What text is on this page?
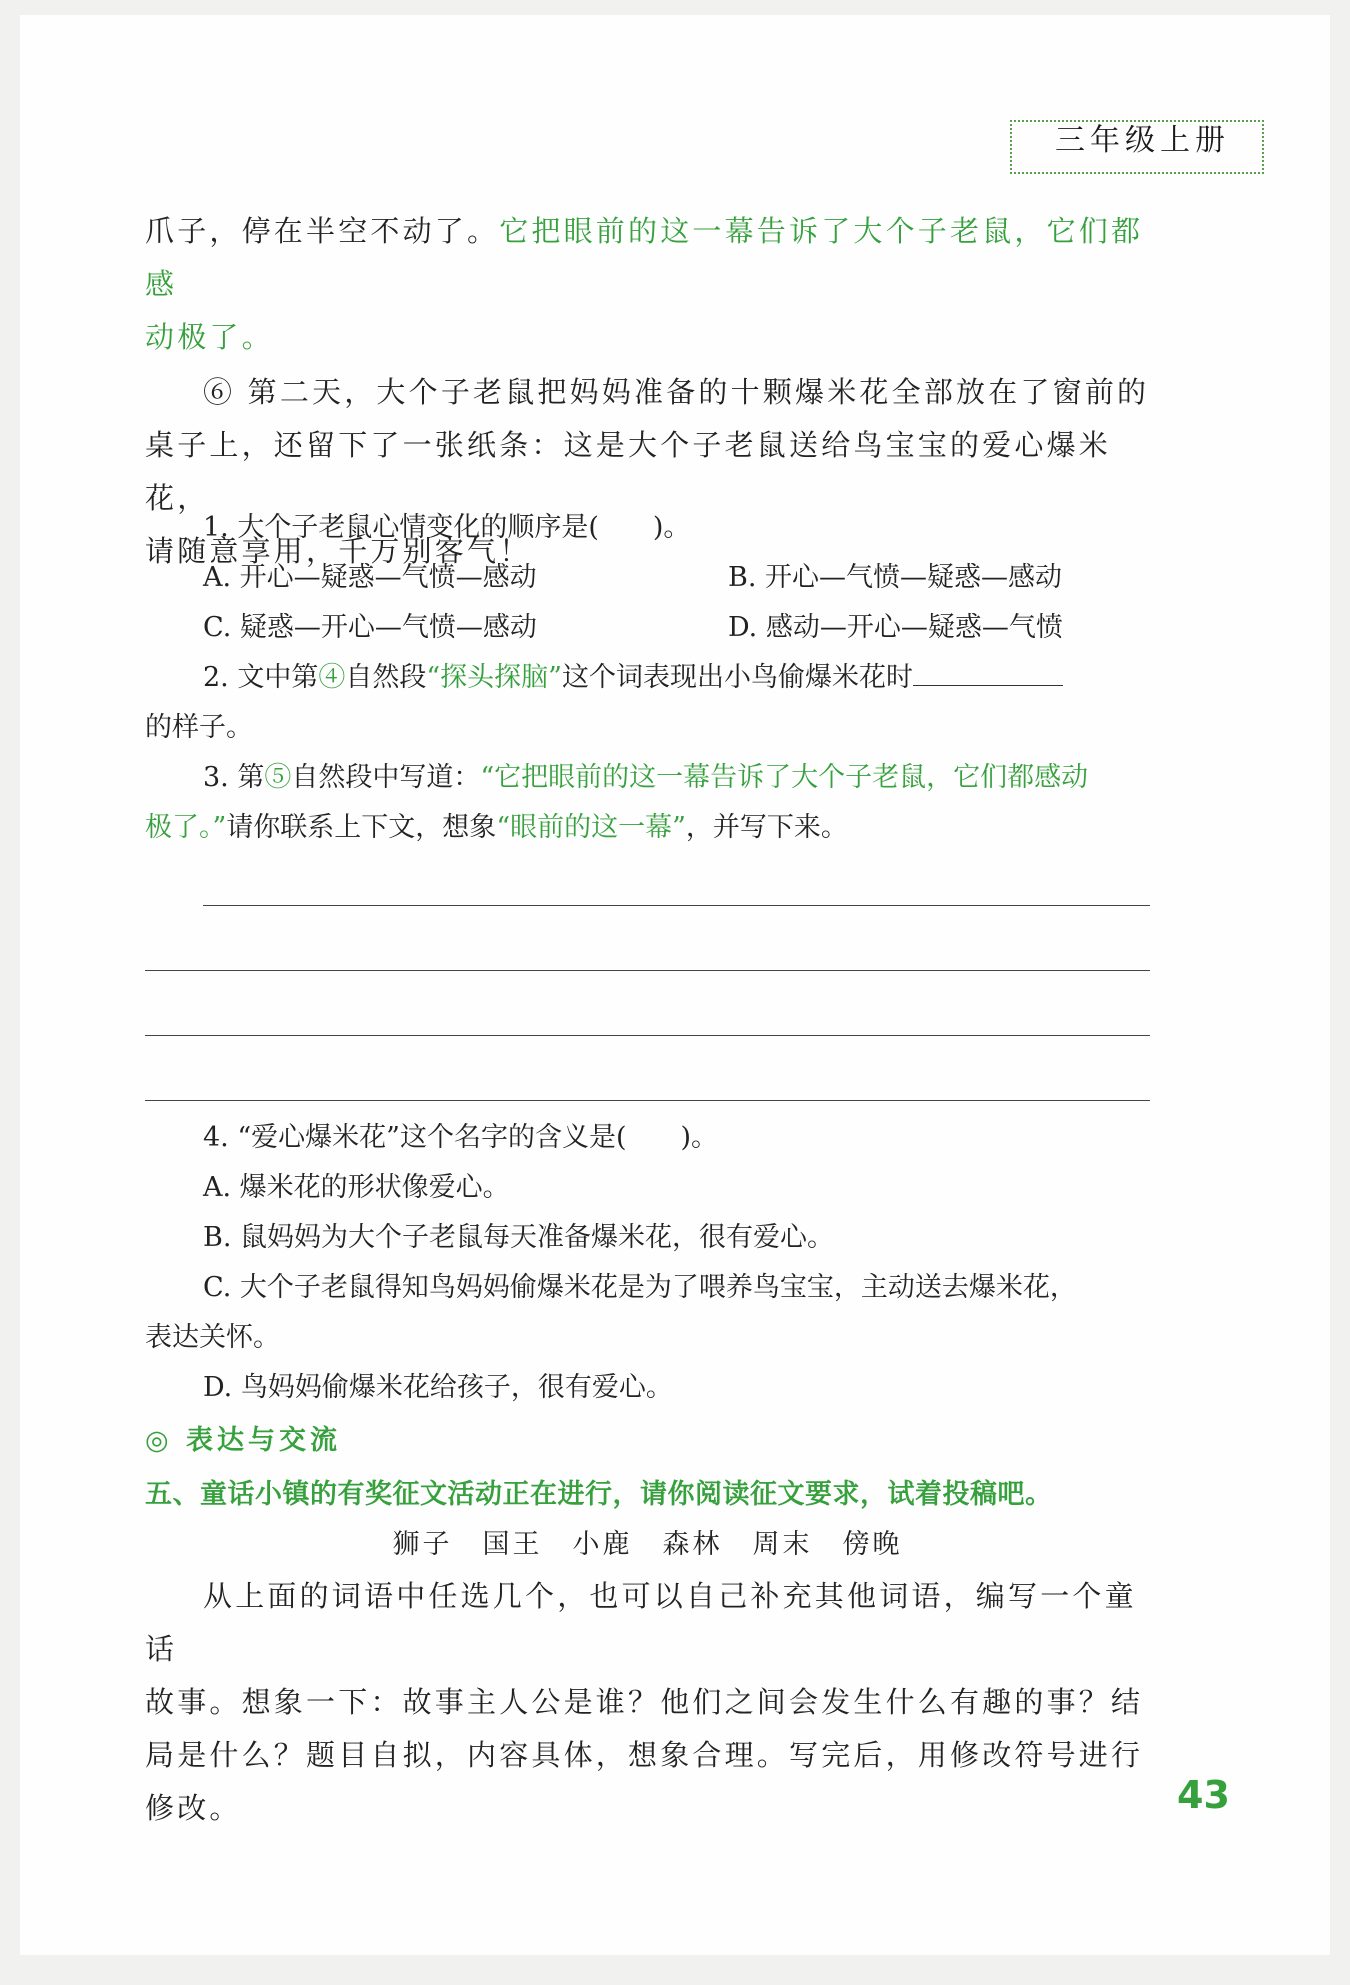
三年级上册

爪子，停在半空不动了。它把眼前的这一幕告诉了大个子老鼠，它们都感

动极了。

⑥ 第二天，大个子老鼠把妈妈准备的十颗爆米花全部放在了窗前的

桌子上，还留下了一张纸条：这是大个子老鼠送给鸟宝宝的爱心爆米花，

请随意享用，千万别客气！

1. 大个子老鼠心情变化的顺序是(　　)。

A. 开心—疑惑—气愤—感动	B. 开心—气愤—疑惑—感动
C. 疑惑—开心—气愤—感动	D. 感动—开心—疑惑—气愤

2. 文中第④自然段“探头探脑”这个词表现出小鸟偷爆米花时

的样子。

3. 第⑤自然段中写道：“它把眼前的这一幕告诉了大个子老鼠，它们都感动

极了。”请你联系上下文，想象“眼前的这一幕”，并写下来。

4. “爱心爆米花”这个名字的含义是(　　)。

A. 爆米花的形状像爱心。

B. 鼠妈妈为大个子老鼠每天准备爆米花，很有爱心。

C. 大个子老鼠得知鸟妈妈偷爆米花是为了喂养鸟宝宝，主动送去爆米花，

表达关怀。

D. 鸟妈妈偷爆米花给孩子，很有爱心。

◎ 表达与交流

五、童话小镇的有奖征文活动正在进行，请你阅读征文要求，试着投稿吧。

狮子　国王　小鹿　森林　周末　傍晚

从上面的词语中任选几个，也可以自己补充其他词语，编写一个童话

故事。想象一下：故事主人公是谁？他们之间会发生什么有趣的事？结

局是什么？题目自拟，内容具体，想象合理。写完后，用修改符号进行

修改。	43
